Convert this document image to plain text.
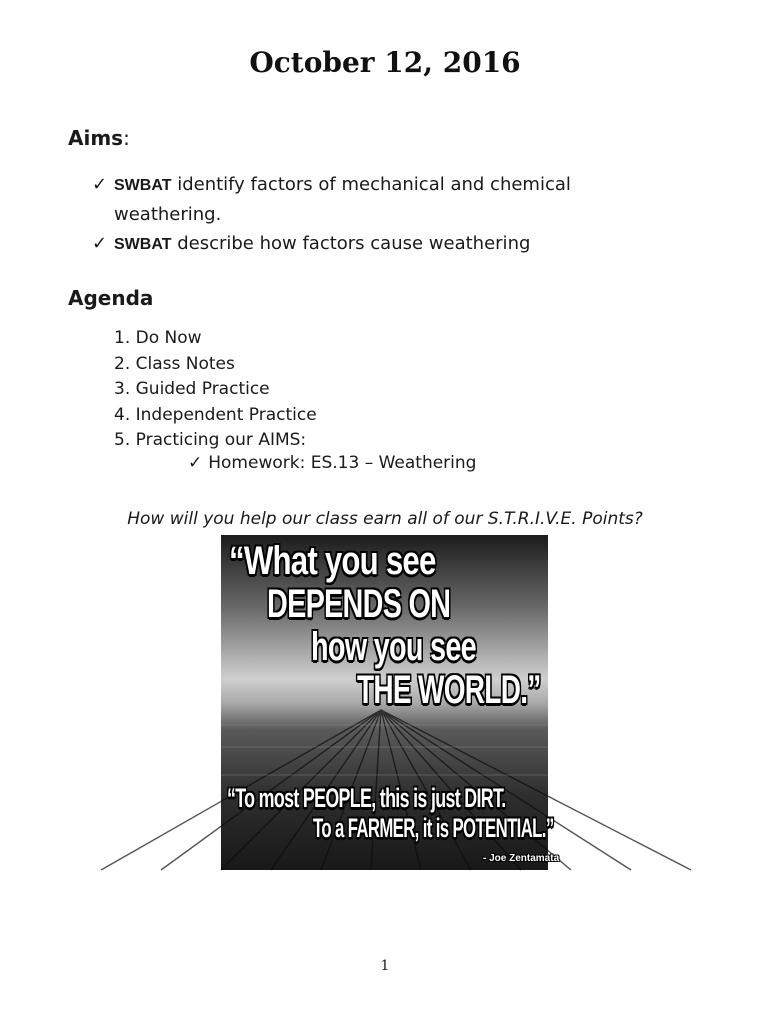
October 12, 2016
Aims:
✓ SWBAT identify factors of mechanical and chemical weathering.
✓ SWBAT describe how factors cause weathering
Agenda
1. Do Now
2. Class Notes
3. Guided Practice
4. Independent Practice
5. Practicing our AIMS:
✓ Homework: ES.13 – Weathering
How will you help our class earn all of our S.T.R.I.V.E. Points?
“What you see
DEPENDS ON
how you see
THE WORLD.”
“To most PEOPLE, this is just DIRT.
To a FARMER, it is POTENTIAL.”
- Joe Zentamata
1
